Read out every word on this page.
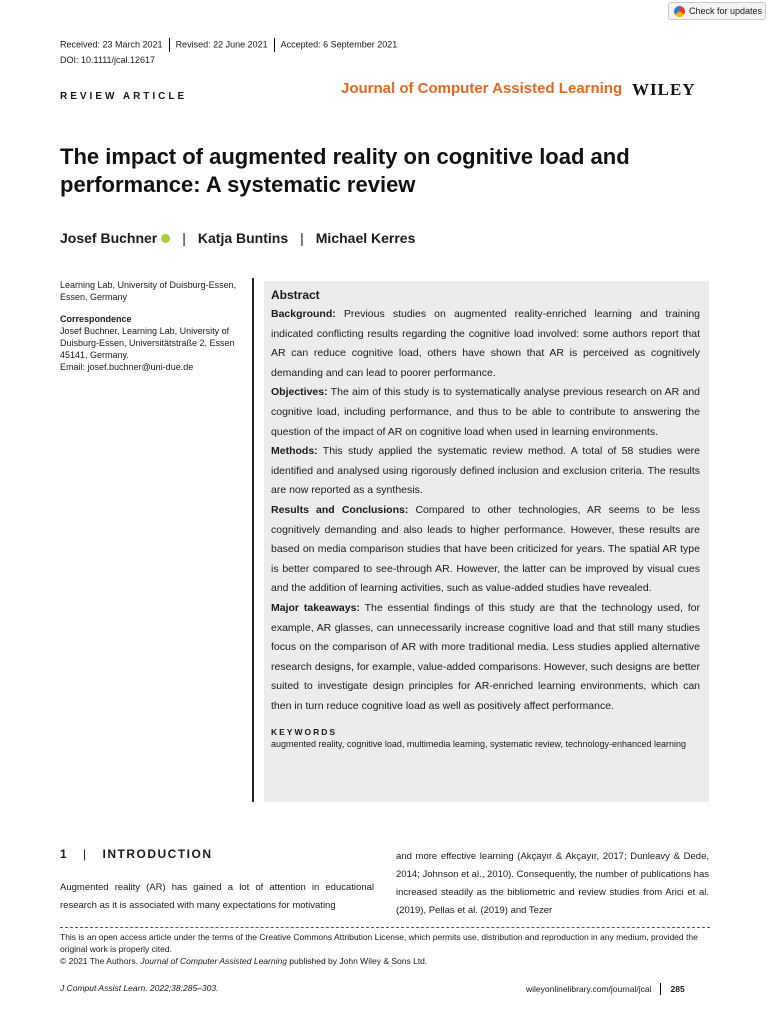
Check for updates
Received: 23 March 2021 Revised: 22 June 2021 Accepted: 6 September 2021
DOI: 10.1111/jcal.12617
Journal of Computer Assisted Learning WILEY
REVIEW ARTICLE
The impact of augmented reality on cognitive load and performance: A systematic review
Josef Buchner | Katja Buntins | Michael Kerres
Learning Lab, University of Duisburg-Essen, Essen, Germany
Correspondence
Josef Buchner, Learning Lab, University of Duisburg-Essen, Universitätstraße 2, Essen 45141, Germany.
Email: josef.buchner@uni-due.de
Abstract
Background: Previous studies on augmented reality-enriched learning and training indicated conflicting results regarding the cognitive load involved: some authors report that AR can reduce cognitive load, others have shown that AR is perceived as cognitively demanding and can lead to poorer performance.
Objectives: The aim of this study is to systematically analyse previous research on AR and cognitive load, including performance, and thus to be able to contribute to answering the question of the impact of AR on cognitive load when used in learning environments.
Methods: This study applied the systematic review method. A total of 58 studies were identified and analysed using rigorously defined inclusion and exclusion criteria. The results are now reported as a synthesis.
Results and Conclusions: Compared to other technologies, AR seems to be less cognitively demanding and also leads to higher performance. However, these results are based on media comparison studies that have been criticized for years. The spatial AR type is better compared to see-through AR. However, the latter can be improved by visual cues and the addition of learning activities, such as value-added studies have revealed.
Major takeaways: The essential findings of this study are that the technology used, for example, AR glasses, can unnecessarily increase cognitive load and that still many studies focus on the comparison of AR with more traditional media. Less studies applied alternative research designs, for example, value-added comparisons. However, such designs are better suited to investigate design principles for AR-enriched learning environments, which can then in turn reduce cognitive load as well as positively affect performance.
KEYWORDS
augmented reality, cognitive load, multimedia learning, systematic review, technology-enhanced learning
1 | INTRODUCTION
Augmented reality (AR) has gained a lot of attention in educational research as it is associated with many expectations for motivating
and more effective learning (Akçayır & Akçayır, 2017; Dunleavy & Dede, 2014; Johnson et al., 2010). Consequently, the number of publications has increased steadily as the bibliometric and review studies from Arici et al. (2019), Pellas et al. (2019) and Tezer
This is an open access article under the terms of the Creative Commons Attribution License, which permits use, distribution and reproduction in any medium, provided the original work is properly cited.
© 2021 The Authors. Journal of Computer Assisted Learning published by John Wiley & Sons Ltd.
J Comput Assist Learn. 2022;38:285–303.	wileyonlinelibrary.com/journal/jcal 285
